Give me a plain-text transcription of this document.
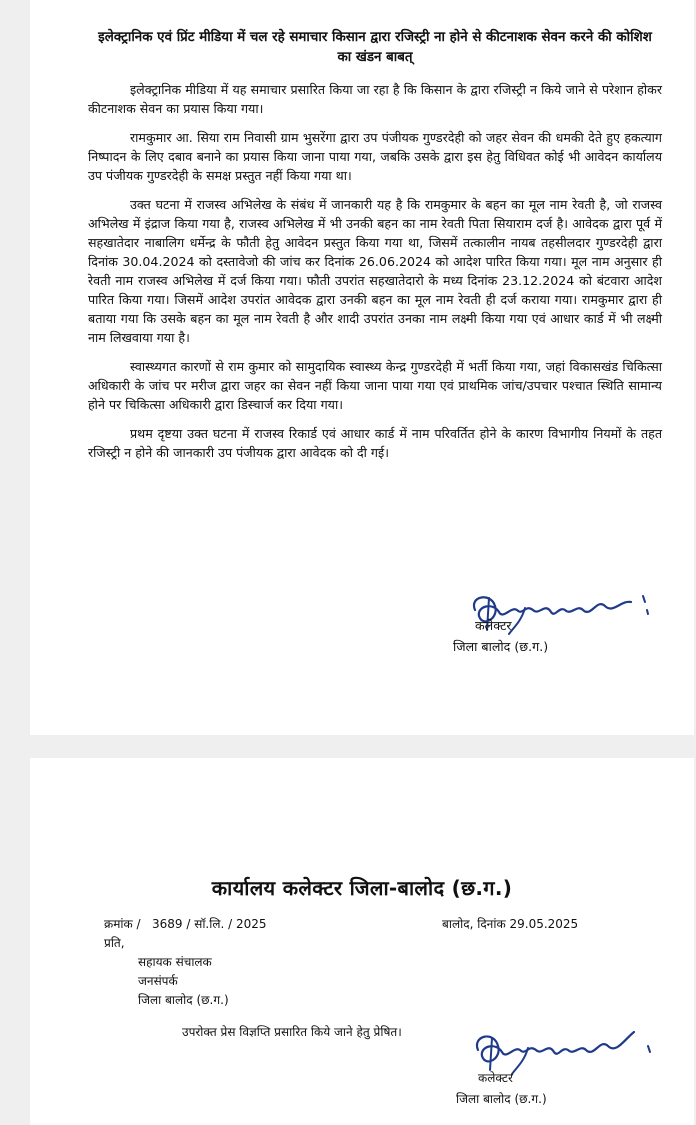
इलेक्ट्रानिक एवं प्रिंट मीडिया में चल रहे समाचार किसान द्वारा रजिस्ट्री ना होने से कीटनाशक सेवन करने की कोशिश का खंडन बाबत्

इलेक्ट्रानिक मीडिया में यह समाचार प्रसारित किया जा रहा है कि किसान के द्वारा रजिस्ट्री न किये जाने से परेशान होकर कीटनाशक सेवन का प्रयास किया गया।

रामकुमार आ. सिया राम निवासी ग्राम भुसरेंगा द्वारा उप पंजीयक गुण्डरदेही को जहर सेवन की धमकी देते हुए हकत्याग निष्पादन के लिए दबाव बनाने का प्रयास किया जाना पाया गया, जबकि उसके द्वारा इस हेतु विधिवत कोई भी आवेदन कार्यालय उप पंजीयक गुण्डरदेही के समक्ष प्रस्तुत नहीं किया गया था।

उक्त घटना में राजस्व अभिलेख के संबंध में जानकारी यह है कि रामकुमार के बहन का मूल नाम रेवती है, जो राजस्व अभिलेख में इंद्राज किया गया है, राजस्व अभिलेख में भी उनकी बहन का नाम रेवती पिता सियाराम दर्ज है। आवेदक द्वारा पूर्व में सहखातेदार नाबालिग धर्मेन्द्र के फौती हेतु आवेदन प्रस्तुत किया गया था, जिसमें तत्कालीन नायब तहसीलदार गुण्डरदेही द्वारा दिनांक 30.04.2024 को दस्तावेजो की जांच कर दिनांक 26.06.2024 को आदेश पारित किया गया। मूल नाम अनुसार ही रेवती नाम राजस्व अभिलेख में दर्ज किया गया। फौती उपरांत सहखातेदारो के मध्य दिनांक 23.12.2024 को बंटवारा आदेश पारित किया गया। जिसमें आदेश उपरांत आवेदक द्वारा उनकी बहन का मूल नाम रेवती ही दर्ज कराया गया। रामकुमार द्वारा ही बताया गया कि उसके बहन का मूल नाम रेवती है और शादी उपरांत उनका नाम लक्ष्मी किया गया एवं आधार कार्ड में भी लक्ष्मी नाम लिखवाया गया है।

स्वास्थ्यगत कारणों से राम कुमार को सामुदायिक स्वास्थ्य केन्द्र गुण्डरदेही में भर्ती किया गया, जहां विकासखंड चिकित्सा अधिकारी के जांच पर मरीज द्वारा जहर का सेवन नहीं किया जाना पाया गया एवं प्राथमिक जांच/उपचार पश्चात स्थिति सामान्य होने पर चिकित्सा अधिकारी द्वारा डिस्चार्ज कर दिया गया।

प्रथम दृष्टया उक्त घटना में राजस्व रिकार्ड एवं आधार कार्ड में नाम परिवर्तित होने के कारण विभागीय नियमों के तहत रजिस्ट्री न होने की जानकारी उप पंजीयक द्वारा आवेदक को दी गई।

कलेक्टर
जिला बालोद (छ.ग.)
कार्यालय कलेक्टर जिला-बालोद (छ.ग.)
क्रमांक / 3689 / सॉ.लि. / 2025	बालोद, दिनांक 29.05.2025
प्रति,
सहायक संचालक
जनसंपर्क
जिला बालोद (छ.ग.)
उपरोक्त प्रेस विज्ञप्ति प्रसारित किये जाने हेतु प्रेषित।
कलेक्टर
जिला बालोद (छ.ग.)
